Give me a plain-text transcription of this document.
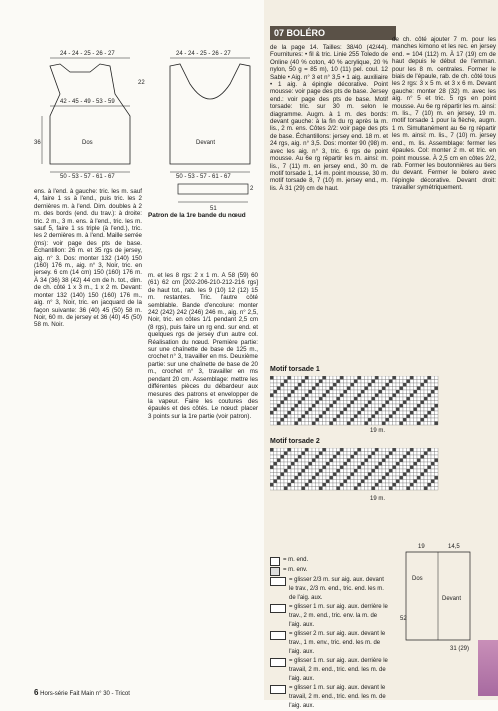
24 - 24 - 25 - 26 - 27
42 - 45 - 49 - 53 - 59
50 - 53 - 57 - 61 - 67
Dos
36
22
24 - 24 - 25 - 26 - 27
50 - 53 - 57 - 61 - 67
Devant
51
2
Patron de la 1re bande du nœud
ens. à l'end. à gauche: tric. les m. sauf 4, faire 1 ss à l'end., puis tric. les 2 dernières m. à l'end. Dim. doubles à 2 m. des bords (end. du trav.): à droite: tric. 2 m., 3 m. ens. à l'end., tric. les m. sauf 5, faire 1 ss triple (à l'end.), tric. les 2 dernières m. à l'end. Maille serrée (ms): voir page des pts de base. Échantillon: 26 m. et 35 rgs de jersey, aig. n° 3. Dos: monter 132 (140) 150 (160) 176 m., aig. n° 3, Noir, tric. en jersey. 6 cm (14 cm) 150 (160) 176 m. À 34 (36) 38 (42) 44 cm de h. tot., dim. de ch. côté 1 x 3 m., 1 x 2 m. Devant: monter 132 (140) 150 (160) 176 m., aig. n° 3, Noir, tric. en jacquard de la façon suivante: 36 (40) 45 (50) 58 m. Noir, 60 m. de jersey et 36 (40) 45 (50) 58 m. Noir.
m. et les 8 rgs: 2 x 1 m. À 58 (59) 60 (61) 62 cm [202-206-210-212-216 rgs] de haut tot., rab. les 9 (10) 12 (12) 15 m. restantes. Tric. l'autre côté semblable. Bande d'encolure: monter 242 (242) 242 (246) 246 m., aig. n° 2,5, Noir, tric. en côtes 1/1 pendant 2,5 cm (8 rgs), puis faire un rg end. sur end. et quelques rgs de jersey d'un autre col. Réalisation du nœud. Première partie: sur une chaînette de base de 125 m., crochet n° 3, travailler en ms. Deuxième partie: sur une chaînette de base de 20 m., crochet n° 3, travailler en ms pendant 20 cm. Assemblage: mettre les différentes pièces du débardeur aux mesures des patrons et envelopper de la vapeur. Faire les coutures des épaules et des côtés. Le nœud: placer 3 points sur la 1re partie (voir patron).
07 BOLÉRO
de la page 14. Tailles: 38/40 (42/44). Fournitures: • fil & tric. Linie 255 Toledo de Online (40 % coton, 40 % acrylique, 20 % nylon, 50 g = 85 m), 10 (11) pel. coul. 12 Sable • Aig. n° 3 et n° 3,5 • 1 aig. auxiliaire • 1 aig. à épingle décorative. Point mousse: voir page des pts de base. Jersey end.: voir page des pts de base. Motif torsade: tric. sur 30 m. selon le diagramme. Augm. à 1 m. des bords: devant gauche: à la fin du rg après la m. lis., 2 m. ens. Côtes 2/2: voir page des pts de base. Échantillons: jersey end. 18 m. et 24 rgs, aig. n° 3,5. Dos: monter 90 (98) m. avec les aig. n° 3, tric. 6 rgs de point mousse. Au 6e rg répartir les m. ainsi: m. lis., 7 (11) m. en jersey end., 30 m. de motif torsade 1, 14 m. point mousse, 30 m. motif torsade 8, 7 (10) m. jersey end., m. lis. À 31 (29) cm de haut.
de ch. côté ajouter 7 m. pour les manches kimono et les rec. en jersey end. = 104 (112) m. À 17 (19) cm de haut depuis le début de l'emman. pour les 8 m. centrales. Former le biais de l'épaule, rab. de ch. côté tous les 2 rgs: 3 x 5 m. et 3 x 6 m. Devant gauche: monter 28 (32) m. avec les aig. n° 5 et tric. 5 rgs en point mousse. Au 6e rg répartir les m. ainsi: m. lis., 7 (10) m. en jersey, 19 m. motif torsade 1 pour la flèche, augm. 1 m. Simultanément au 6e rg répartir les m. ainsi: m. lis., 7 (10) m. jersey end., m. lis. Assemblage: fermer les épaules. Col: monter 2 m. et tric. en point mousse. À 2,5 cm en côtes 2/2, rab. Former les boutonnières au tiers du devant. Fermer le bolero avec l'épingle décorative. Devant droit: travailler symétriquement.
Motif torsade 1
19 m.
Motif torsade 2
19 m.
= m. end.
= m. env.
= glisser 2/3 m. sur aig. aux. devant le trav., 2/3 m. end., tric. end. les m. de l'aig. aux.
= glisser 1 m. sur aig. aux. derrière le trav., 2 m. end., tric. env. la m. de l'aig. aux.
= glisser 2 m. sur aig. aux. devant le trav., 1 m. env., tric. end. les m. de l'aig. aux.
= glisser 1 m. sur aig. aux. derrière le travail, 2 m. end., tric. end. les m. de l'aig. aux.
= glisser 1 m. sur aig. aux. devant le travail, 2 m. end., tric. end. les m. de l'aig. aux.
Dos
Devant
19	14,5
52
31 (29)
6 Hors-série Fait Main n° 30 - Tricot
